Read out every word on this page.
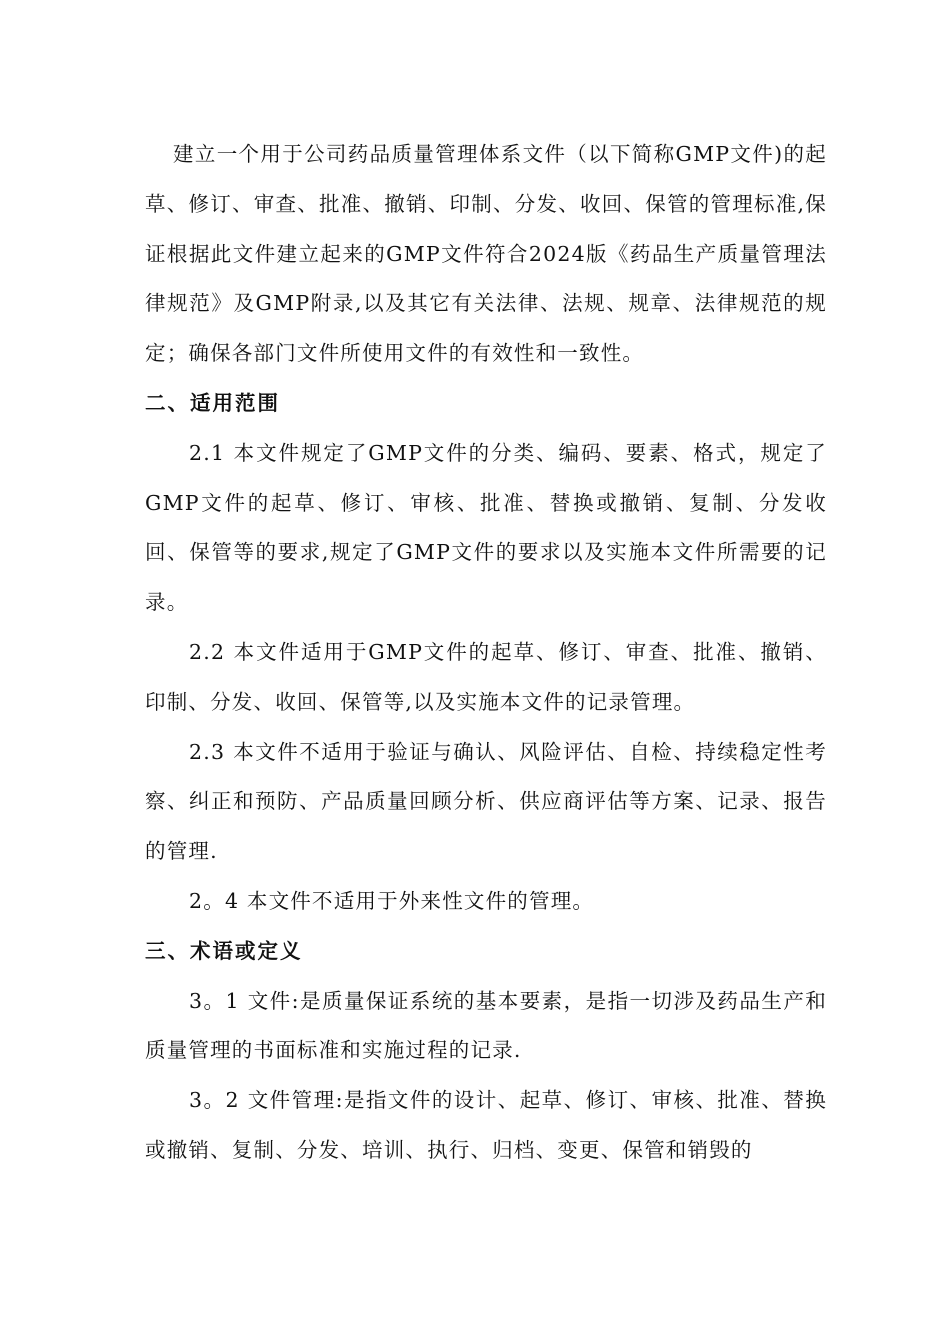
建立一个用于公司药品质量管理体系文件（以下简称GMP文件)的起草、修订、审查、批准、撤销、印制、分发、收回、保管的管理标准,保证根据此文件建立起来的GMP文件符合2024版《药品生产质量管理法律规范》及GMP附录,以及其它有关法律、法规、规章、法律规范的规定；确保各部门文件所使用文件的有效性和一致性。

二、适用范围

2.1 本文件规定了GMP文件的分类、编码、要素、格式，规定了GMP文件的起草、修订、审核、批准、替换或撤销、复制、分发收回、保管等的要求,规定了GMP文件的要求以及实施本文件所需要的记录。

2.2 本文件适用于GMP文件的起草、修订、审查、批准、撤销、印制、分发、收回、保管等,以及实施本文件的记录管理。

2.3 本文件不适用于验证与确认、风险评估、自检、持续稳定性考察、纠正和预防、产品质量回顾分析、供应商评估等方案、记录、报告的管理.

2。4 本文件不适用于外来性文件的管理。

三、术语或定义

3。1 文件:是质量保证系统的基本要素，是指一切涉及药品生产和质量管理的书面标准和实施过程的记录.

3。2 文件管理:是指文件的设计、起草、修订、审核、批准、替换或撤销、复制、分发、培训、执行、归档、变更、保管和销毁的
